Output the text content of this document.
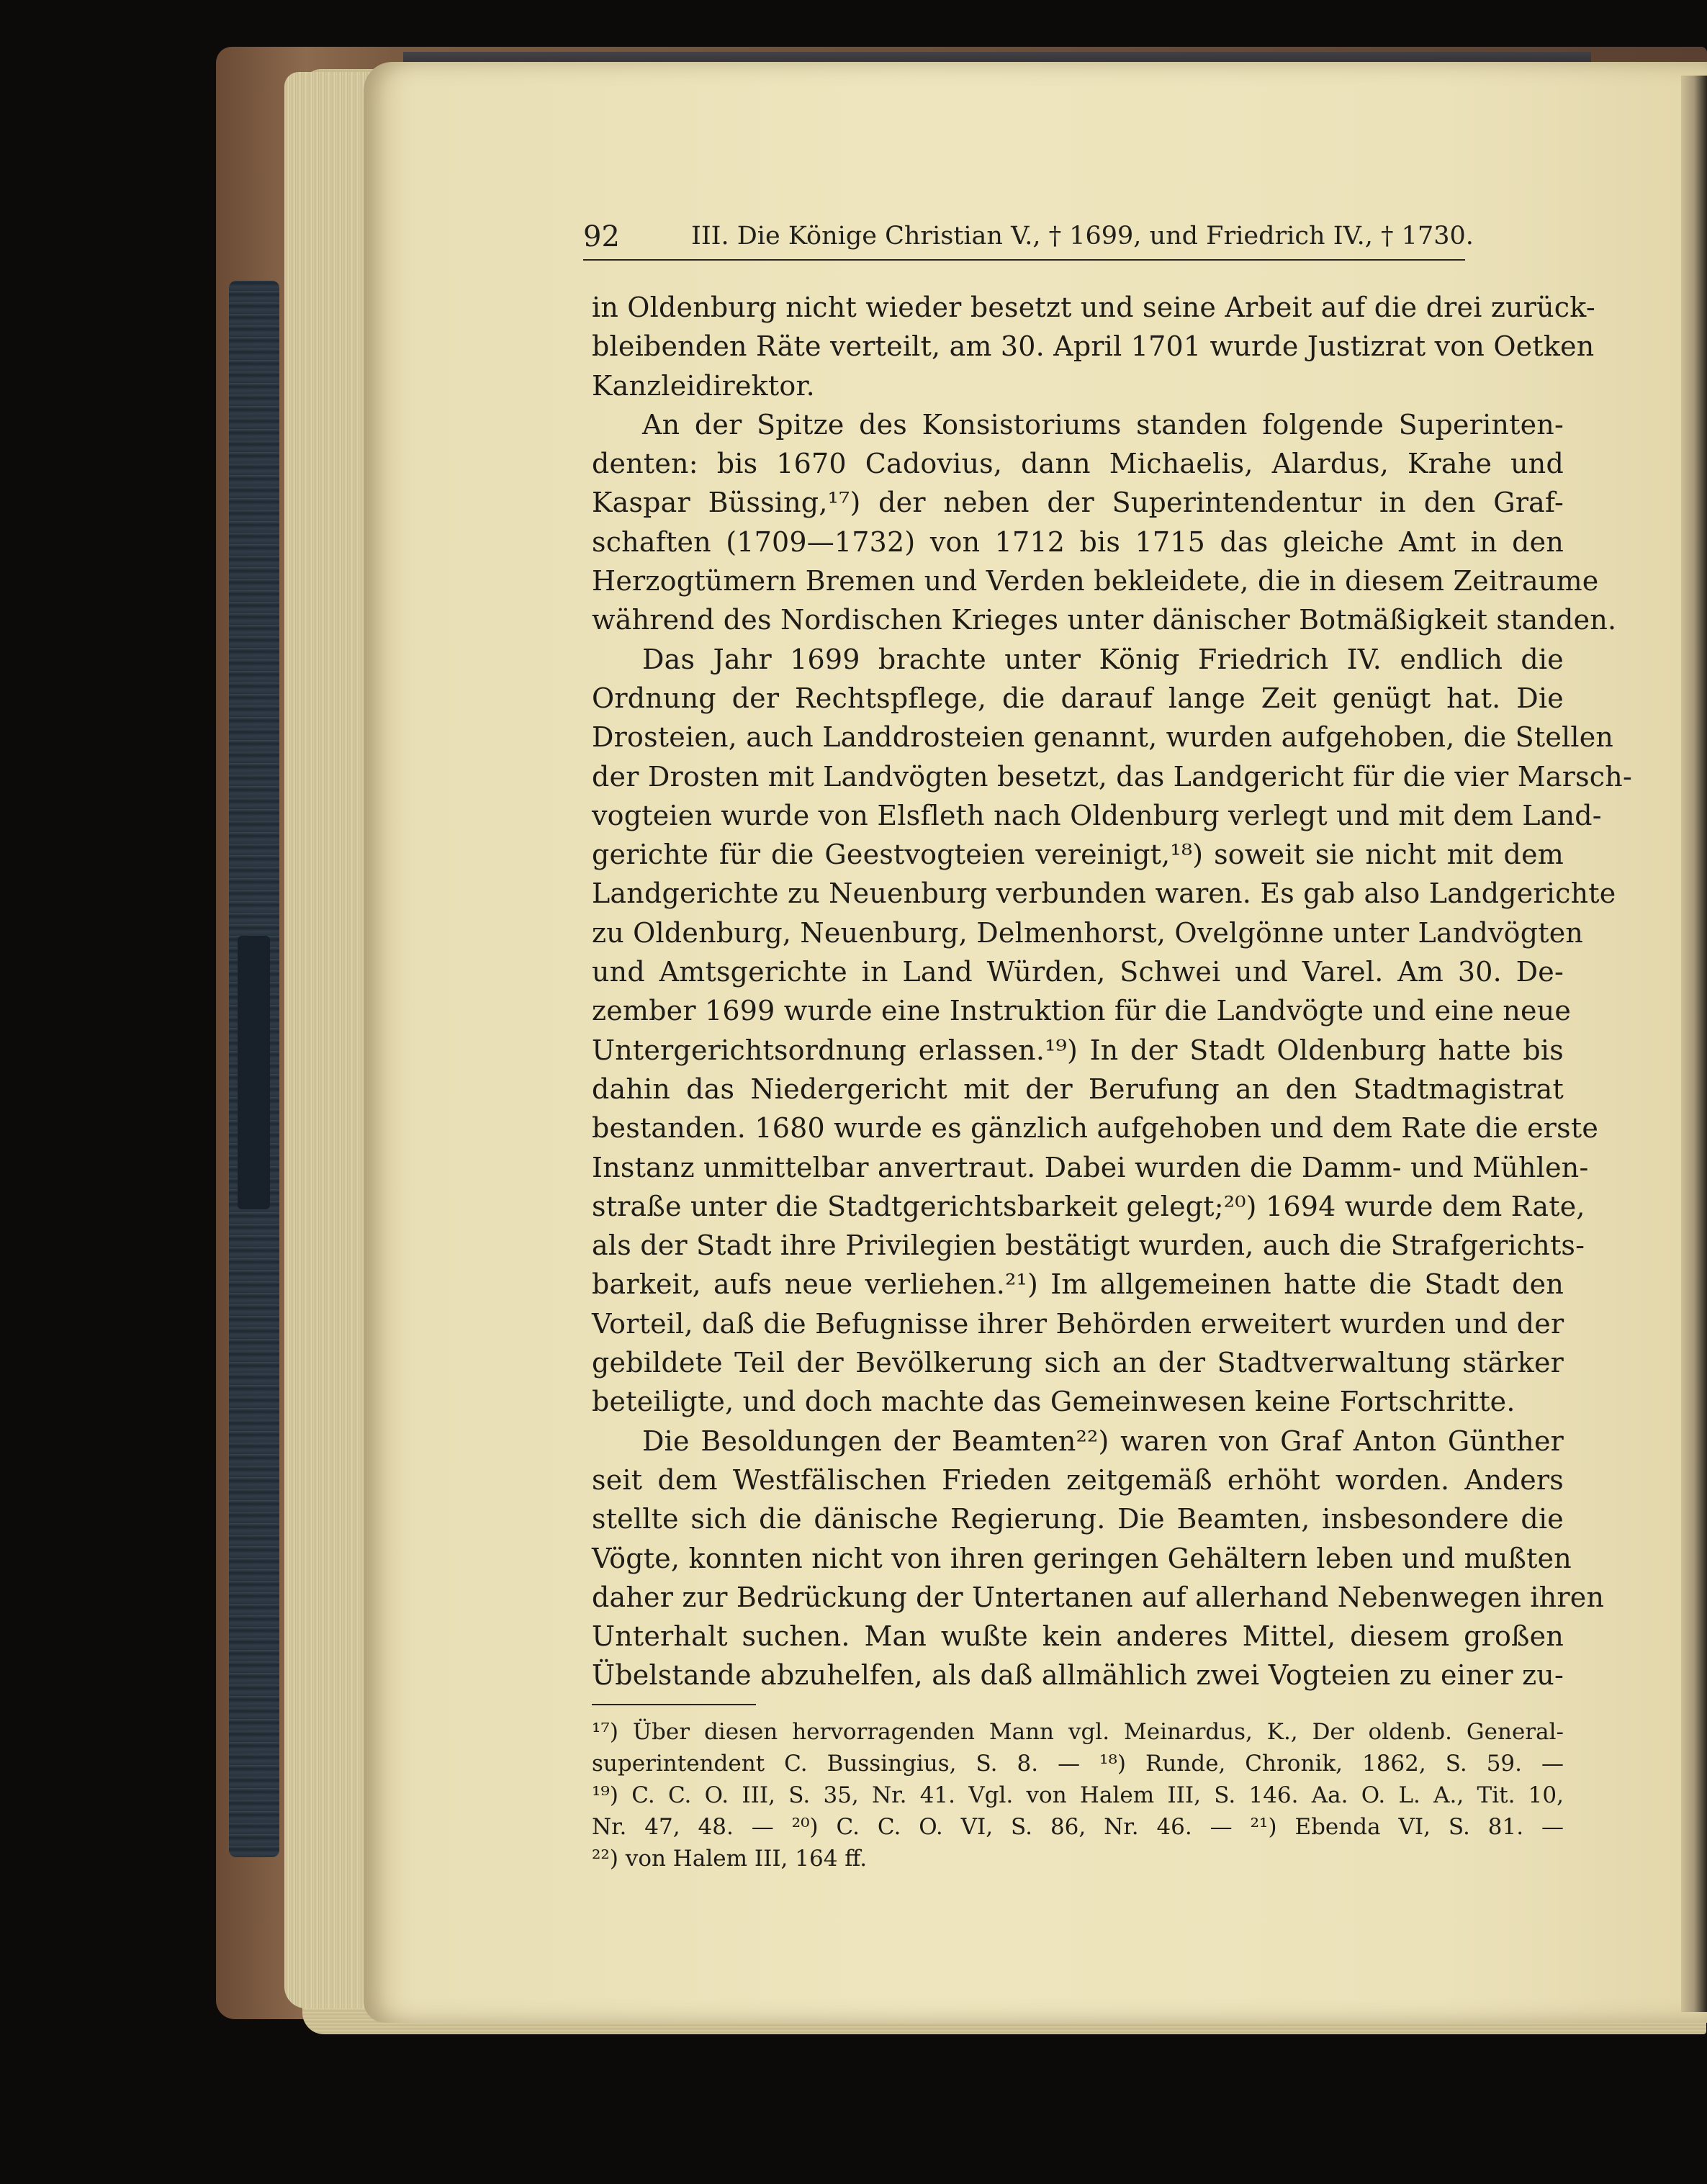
92	III. Die Könige Christian V., † 1699, und Friedrich IV., † 1730.
in Oldenburg nicht wieder besetzt und seine Arbeit auf die drei zurück-
bleibenden Räte verteilt, am 30. April 1701 wurde Justizrat von Oetken
Kanzleidirektor.
An der Spitze des Konsistoriums standen folgende Superinten-
denten: bis 1670 Cadovius, dann Michaelis, Alardus, Krahe und
Kaspar Büssing,¹⁷) der neben der Superintendentur in den Graf-
schaften (1709—1732) von 1712 bis 1715 das gleiche Amt in den
Herzogtümern Bremen und Verden bekleidete, die in diesem Zeitraume
während des Nordischen Krieges unter dänischer Botmäßigkeit standen.
Das Jahr 1699 brachte unter König Friedrich IV. endlich die
Ordnung der Rechtspflege, die darauf lange Zeit genügt hat. Die
Drosteien, auch Landdrosteien genannt, wurden aufgehoben, die Stellen
der Drosten mit Landvögten besetzt, das Landgericht für die vier Marsch-
vogteien wurde von Elsfleth nach Oldenburg verlegt und mit dem Land-
gerichte für die Geestvogteien vereinigt,¹⁸) soweit sie nicht mit dem
Landgerichte zu Neuenburg verbunden waren. Es gab also Landgerichte
zu Oldenburg, Neuenburg, Delmenhorst, Ovelgönne unter Landvögten
und Amtsgerichte in Land Würden, Schwei und Varel. Am 30. De-
zember 1699 wurde eine Instruktion für die Landvögte und eine neue
Untergerichtsordnung erlassen.¹⁹) In der Stadt Oldenburg hatte bis
dahin das Niedergericht mit der Berufung an den Stadtmagistrat
bestanden. 1680 wurde es gänzlich aufgehoben und dem Rate die erste
Instanz unmittelbar anvertraut. Dabei wurden die Damm- und Mühlen-
straße unter die Stadtgerichtsbarkeit gelegt;²⁰) 1694 wurde dem Rate,
als der Stadt ihre Privilegien bestätigt wurden, auch die Strafgerichts-
barkeit, aufs neue verliehen.²¹) Im allgemeinen hatte die Stadt den
Vorteil, daß die Befugnisse ihrer Behörden erweitert wurden und der
gebildete Teil der Bevölkerung sich an der Stadtverwaltung stärker
beteiligte, und doch machte das Gemeinwesen keine Fortschritte.
Die Besoldungen der Beamten²²) waren von Graf Anton Günther
seit dem Westfälischen Frieden zeitgemäß erhöht worden. Anders
stellte sich die dänische Regierung. Die Beamten, insbesondere die
Vögte, konnten nicht von ihren geringen Gehältern leben und mußten
daher zur Bedrückung der Untertanen auf allerhand Nebenwegen ihren
Unterhalt suchen. Man wußte kein anderes Mittel, diesem großen
Übelstande abzuhelfen, als daß allmählich zwei Vogteien zu einer zu-
¹⁷) Über diesen hervorragenden Mann vgl. Meinardus, K., Der oldenb. General-
superintendent C. Bussingius, S. 8. — ¹⁸) Runde, Chronik, 1862, S. 59. —
¹⁹) C. C. O. III, S. 35, Nr. 41. Vgl. von Halem III, S. 146. Aa. O. L. A., Tit. 10,
Nr. 47, 48. — ²⁰) C. C. O. VI, S. 86, Nr. 46. — ²¹) Ebenda VI, S. 81. —
²²) von Halem III, 164 ff.
